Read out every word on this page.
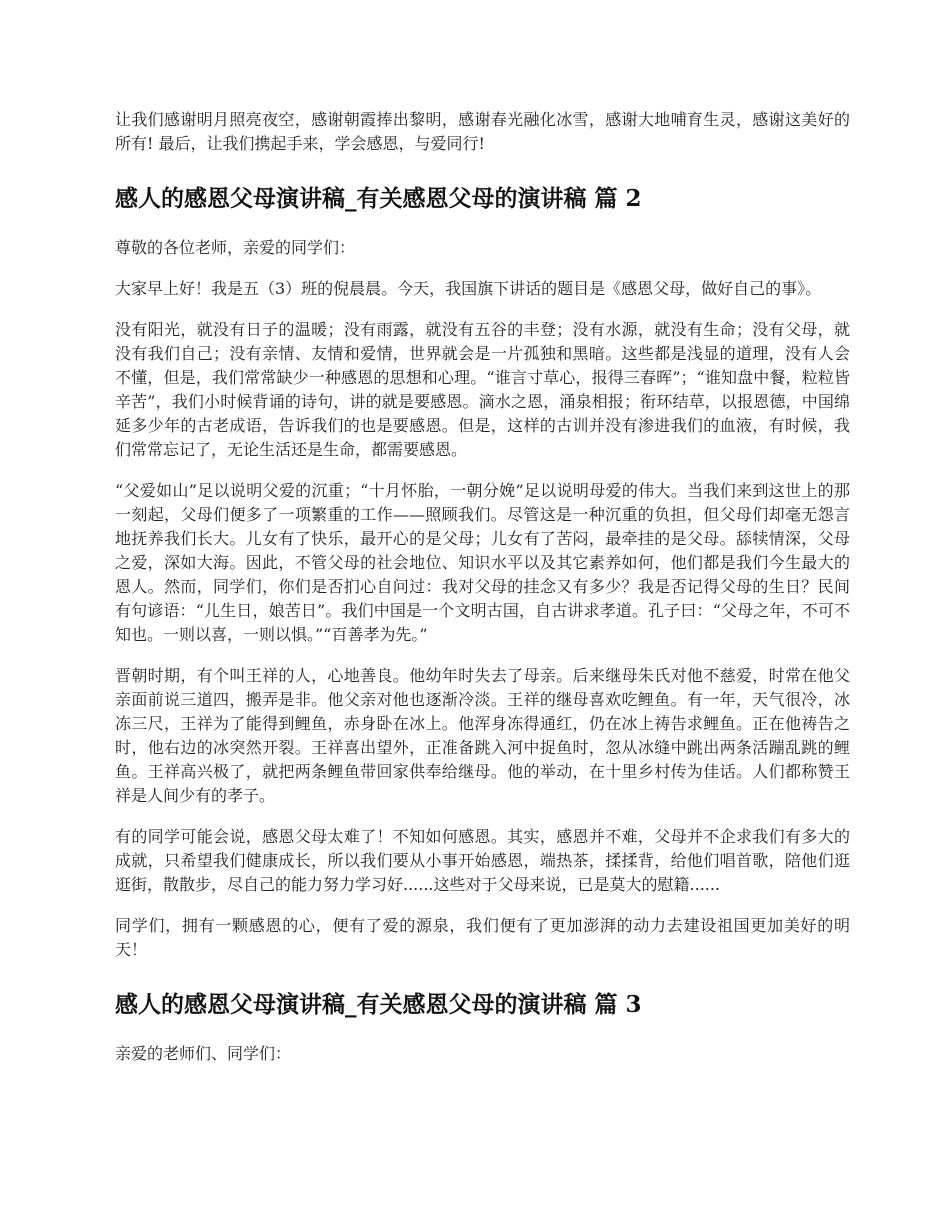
让我们感谢明月照亮夜空，感谢朝霞捧出黎明，感谢春光融化冰雪，感谢大地哺育生灵，感谢这美好的所有! 最后，让我们携起手来，学会感恩，与爱同行!

感人的感恩父母演讲稿_有关感恩父母的演讲稿 篇 2

尊敬的各位老师，亲爱的同学们：

大家早上好！我是五（3）班的倪晨晨。今天，我国旗下讲话的题目是《感恩父母，做好自己的事》。

没有阳光，就没有日子的温暖；没有雨露，就没有五谷的丰登；没有水源，就没有生命；没有父母，就没有我们自己；没有亲情、友情和爱情，世界就会是一片孤独和黑暗。这些都是浅显的道理，没有人会不懂，但是，我们常常缺少一种感恩的思想和心理。“谁言寸草心，报得三春晖”；“谁知盘中餐，粒粒皆辛苦”，我们小时候背诵的诗句，讲的就是要感恩。滴水之恩，涌泉相报；衔环结草，以报恩德，中国绵延多少年的古老成语，告诉我们的也是要感恩。但是，这样的古训并没有渗进我们的血液，有时候，我们常常忘记了，无论生活还是生命，都需要感恩。

“父爱如山”足以说明父爱的沉重；“十月怀胎，一朝分娩”足以说明母爱的伟大。当我们来到这世上的那一刻起，父母们便多了一项繁重的工作——照顾我们。尽管这是一种沉重的负担，但父母们却毫无怨言地抚养我们长大。儿女有了快乐，最开心的是父母；儿女有了苦闷，最牵挂的是父母。舔犊情深，父母之爱，深如大海。因此，不管父母的社会地位、知识水平以及其它素养如何，他们都是我们今生最大的恩人。然而，同学们，你们是否扪心自问过：我对父母的挂念又有多少？我是否记得父母的生日？民间有句谚语：“儿生日，娘苦日”。我们中国是一个文明古国，自古讲求孝道。孔子曰：“父母之年，不可不知也。一则以喜，一则以惧。”“百善孝为先。”

晋朝时期，有个叫王祥的人，心地善良。他幼年时失去了母亲。后来继母朱氏对他不慈爱，时常在他父亲面前说三道四，搬弄是非。他父亲对他也逐渐冷淡。王祥的继母喜欢吃鲤鱼。有一年，天气很冷，冰冻三尺，王祥为了能得到鲤鱼，赤身卧在冰上。他浑身冻得通红，仍在冰上祷告求鲤鱼。正在他祷告之时，他右边的冰突然开裂。王祥喜出望外，正准备跳入河中捉鱼时，忽从冰缝中跳出两条活蹦乱跳的鲤鱼。王祥高兴极了，就把两条鲤鱼带回家供奉给继母。他的举动，在十里乡村传为佳话。人们都称赞王祥是人间少有的孝子。

有的同学可能会说，感恩父母太难了！不知如何感恩。其实，感恩并不难，父母并不企求我们有多大的成就，只希望我们健康成长，所以我们要从小事开始感恩，端热茶，揉揉背，给他们唱首歌，陪他们逛逛街，散散步，尽自己的能力努力学习好......这些对于父母来说，已是莫大的慰籍......

同学们，拥有一颗感恩的心，便有了爱的源泉，我们便有了更加澎湃的动力去建设祖国更加美好的明天！

感人的感恩父母演讲稿_有关感恩父母的演讲稿 篇 3

亲爱的老师们、同学们：
